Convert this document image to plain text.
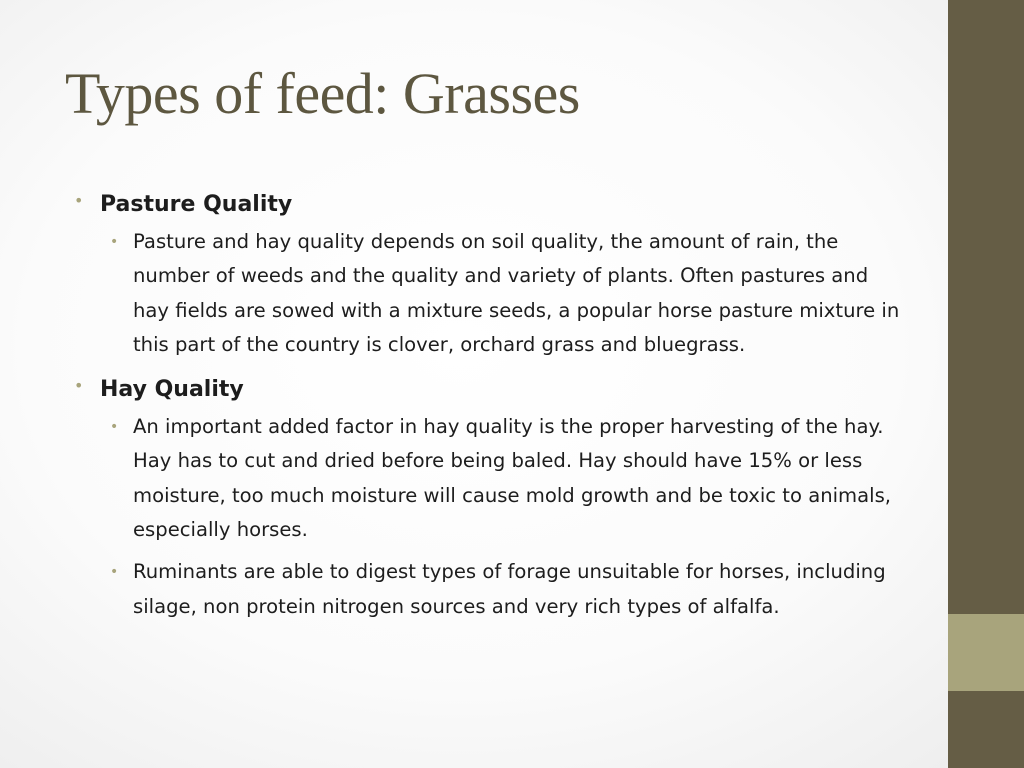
Types of feed: Grasses
• Pasture Quality
• Pasture and hay quality depends on soil quality, the amount of rain, the number of weeds and the quality and variety of plants. Often pastures and hay fields are sowed with a mixture seeds, a popular horse pasture mixture in this part of the country is clover, orchard grass and bluegrass.
• Hay Quality
• An important added factor in hay quality is the proper harvesting of the hay. Hay has to cut and dried before being baled. Hay should have 15% or less moisture, too much moisture will cause mold growth and be toxic to animals, especially horses.
• Ruminants are able to digest types of forage unsuitable for horses, including silage, non protein nitrogen sources and very rich types of alfalfa.
